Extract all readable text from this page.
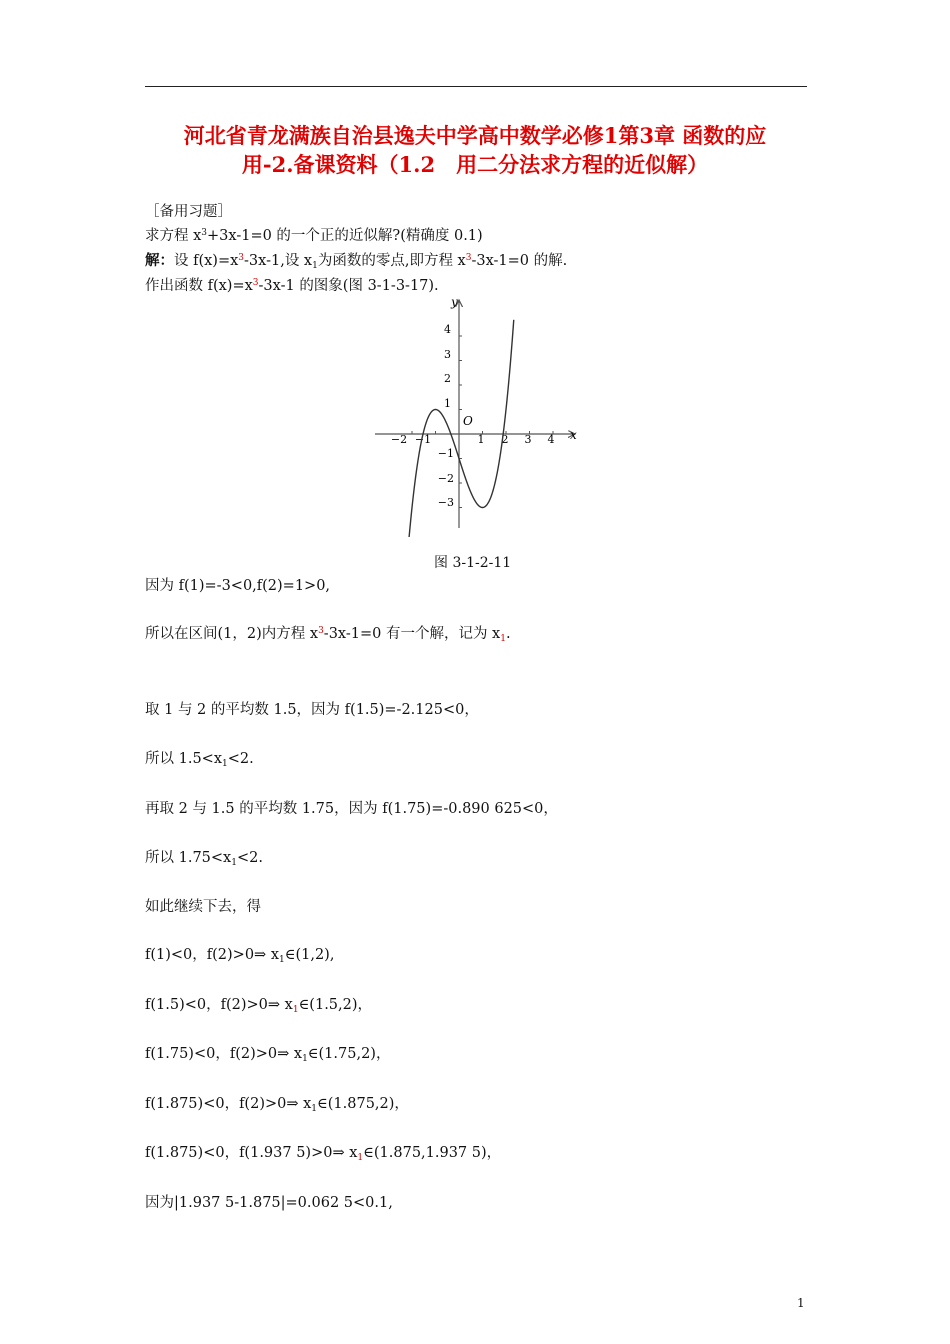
河北省青龙满族自治县逸夫中学高中数学必修1第3章 函数的应
用-2.备课资料（1.2　用二分法求方程的近似解）
［备用习题］
求方程 $x^3+3x-1=0$ 的一个正的近似解?(精确度 0.1)
解：设 $f(x)=x^3-3x-1$,设 $x_1$为函数的零点,即方程 $x^3-3x-1=0$ 的解.
作出函数 $f(x)=x^3-3x-1$ 的图象(图 3-1-3-17).
x
y
O
−2 −1	1 2 3 4
4
3
2
1
−1
−2
−3
图 3-1-2-11
因为 f(1)=-3<0,f(2)=1>0,
所以在区间(1，2)内方程 $x^3-3x-1=0$ 有一个解，记为 $x_1$.
取 1 与 2 的平均数 1.5，因为 f(1.5)=-2.125<0，
所以 $1.5<x_1<2$.
再取 2 与 1.5 的平均数 1.75，因为 f(1.75)=-0.890 625<0，
所以 $1.75<x_1<2$.
如此继续下去，得
f(1)<0，f(2)>0⇒ $x_1\in(1,2)$,
f(1.5)<0，f(2)>0⇒ $x_1\in(1.5,2)$，
f(1.75)<0，f(2)>0⇒ $x_1\in(1.75,2)$，
f(1.875)<0，f(2)>0⇒ $x_1\in(1.875,2)$，
f(1.875)<0，f(1.937 5)>0⇒ $x_1\in(1.875,1.937$ 5)，
因为|1.937 5-1.875|=0.062 5<0.1,
1
